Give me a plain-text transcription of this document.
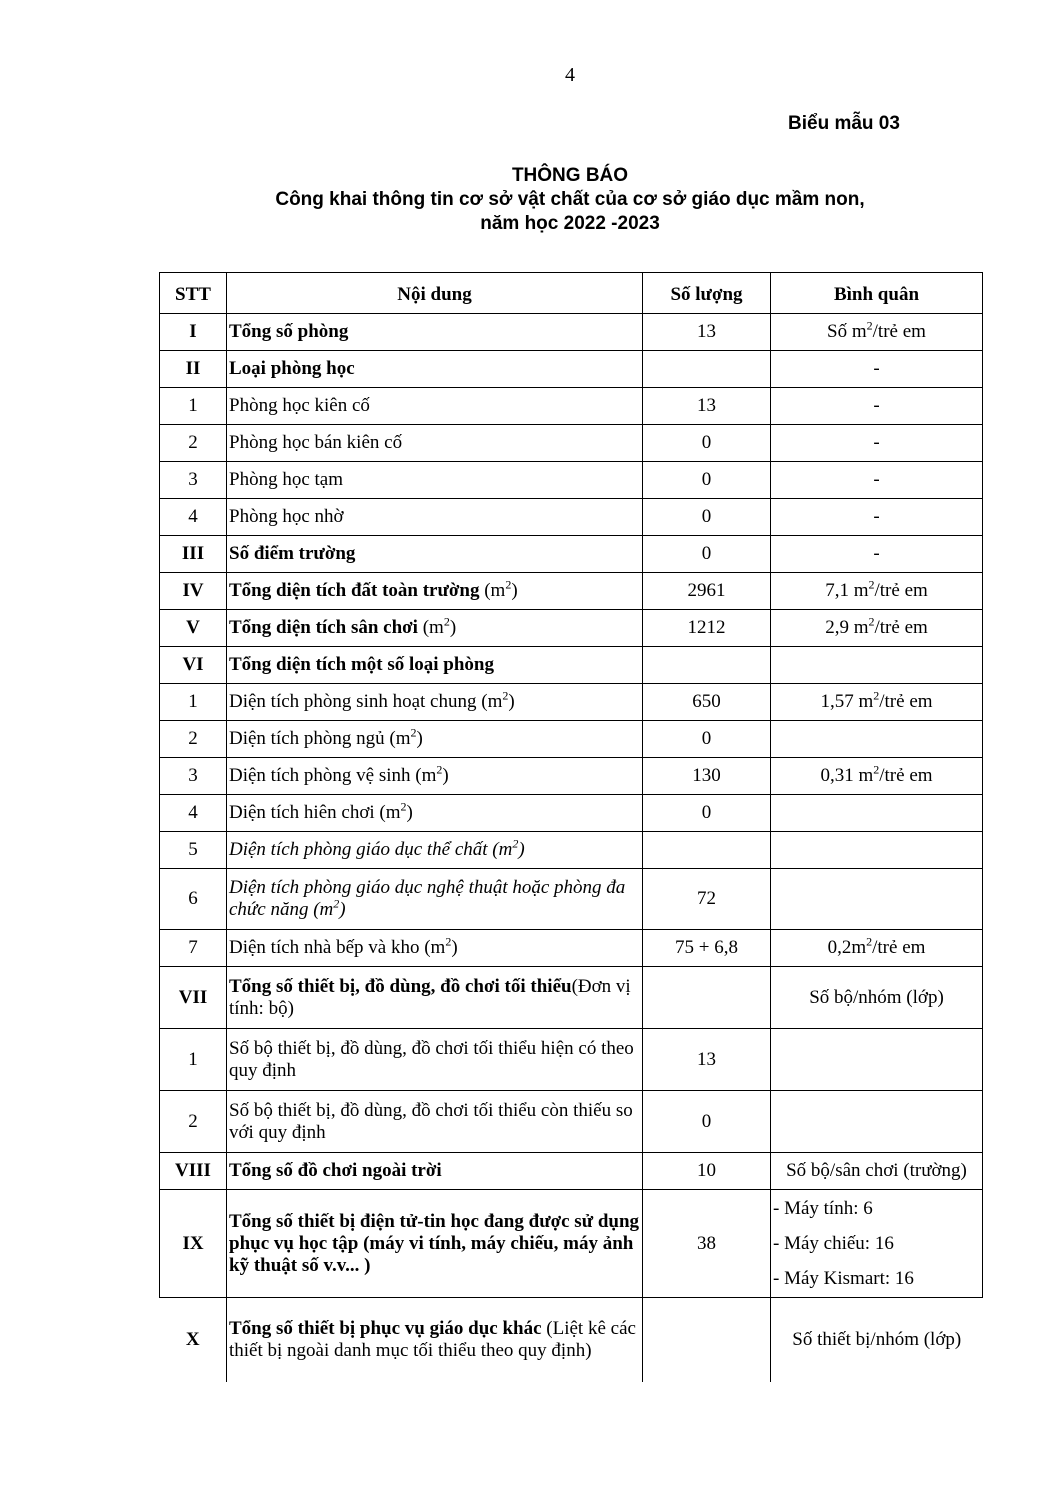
4
Biểu mẫu 03
THÔNG BÁO
Công khai thông tin cơ sở vật chất của cơ sở giáo dục mầm non,
năm học 2022 -2023
STT	Nội dung	Số lượng	Bình quân
I	Tổng số phòng	13	Số $m^2$/trẻ em
II	Loại phòng học		-
1	Phòng học kiên cố	13	-
2	Phòng học bán kiên cố	0	-
3	Phòng học tạm	0	-
4	Phòng học nhờ	0	-
III	Số điểm trường	0	-
IV	Tổng diện tích đất toàn trường $(m^2)$	2961	7,1 $m^2$/trẻ em
V	Tổng diện tích sân chơi $(m^2)$	1212	2,9 $m^2$/trẻ em
VI	Tổng diện tích một số loại phòng		
1	Diện tích phòng sinh hoạt chung $(m^2)$	650	1,57 $m^2$/trẻ em
2	Diện tích phòng ngủ $(m^2)$	0	
3	Diện tích phòng vệ $\sinh (m^2)$	130	0,31 $m^2$/trẻ em
4	Diện tích hiên chơi $(m^2)$	0	
5	Diện tích phòng giáo dục thể chất $(m^2)$		
6	Diện tích phòng giáo dục nghệ thuật hoặc phòng đa chức năng $(m^2)$	72	
7	Diện tích nhà bếp và kho $(m^2)$	75 + 6,8	$0,2m^2$/trẻ em
VII	Tổng số thiết bị, đồ dùng, đồ chơi tối thiểu(Đơn vị tính: bộ)		Số bộ/nhóm (lớp)
1	Số bộ thiết bị, đồ dùng, đồ chơi tối thiểu hiện có theo quy định	13	
2	Số bộ thiết bị, đồ dùng, đồ chơi tối thiểu còn thiếu so với quy định	0	
VIII	Tổng số đồ chơi ngoài trời	10	Số bộ/sân chơi (trường)
IX	Tổng số thiết bị điện tử-tin học đang được sử dụng phục vụ học tập (máy vi tính, máy chiếu, máy ảnh kỹ thuật số v.v... )	38	- Máy tính: 6
- Máy chiếu: 16
- Máy Kismart: 16

X	Tổng số thiết bị phục vụ giáo dục khác (Liệt kê các thiết bị ngoài danh mục tối thiểu theo quy định)		Số thiết bị/nhóm (lớp)
